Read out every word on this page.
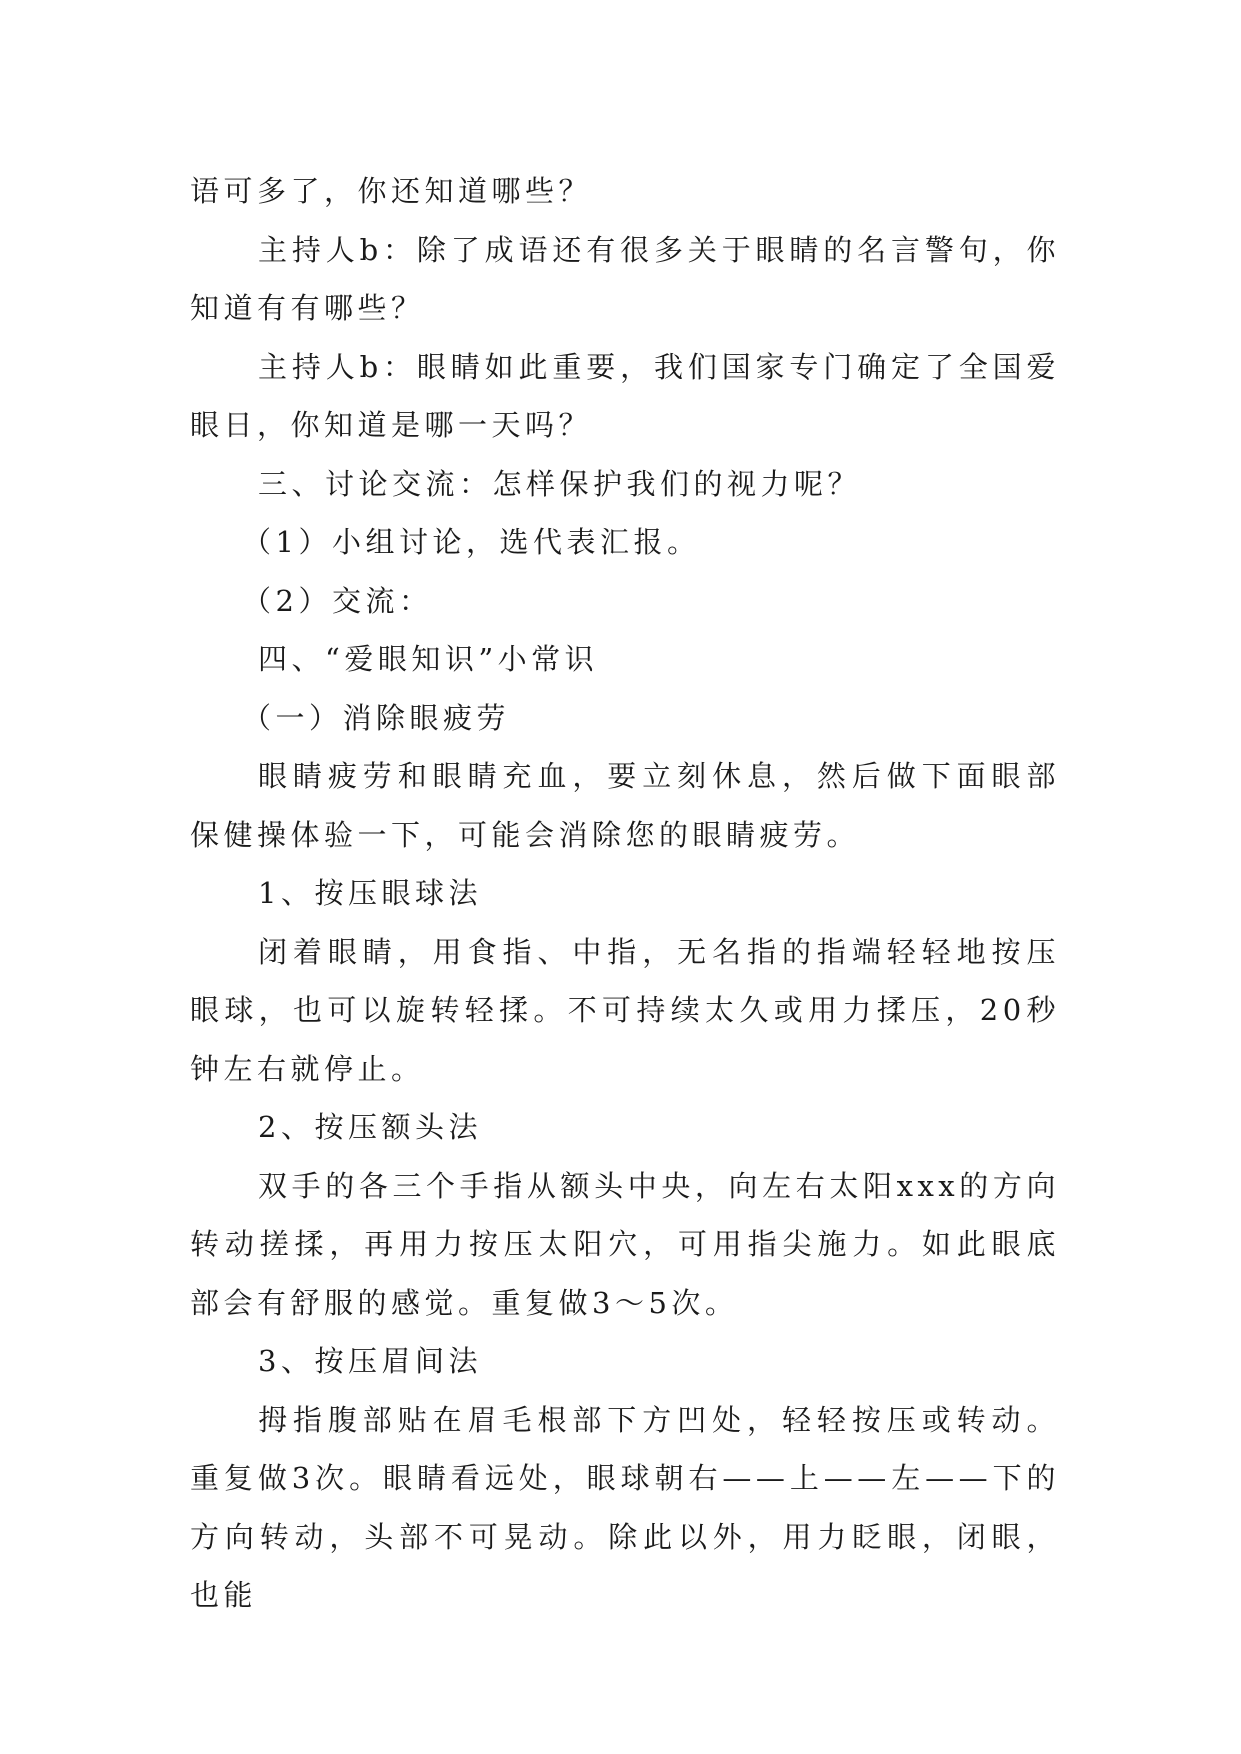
语可多了，你还知道哪些？

主持人b：除了成语还有很多关于眼睛的名言警句，你知道有有哪些？

主持人b：眼睛如此重要，我们国家专门确定了全国爱眼日，你知道是哪一天吗？

三、讨论交流：怎样保护我们的视力呢？

（1）小组讨论，选代表汇报。

（2）交流：

四、“爱眼知识”小常识

（一）消除眼疲劳

眼睛疲劳和眼睛充血，要立刻休息，然后做下面眼部保健操体验一下，可能会消除您的眼睛疲劳。

1、按压眼球法

闭着眼睛，用食指、中指，无名指的指端轻轻地按压眼球，也可以旋转轻揉。不可持续太久或用力揉压，20秒钟左右就停止。

2、按压额头法

双手的各三个手指从额头中央，向左右太阳xxx的方向转动搓揉，再用力按压太阳穴，可用指尖施力。如此眼底部会有舒服的感觉。重复做3～5次。

3、按压眉间法

拇指腹部贴在眉毛根部下方凹处，轻轻按压或转动。重复做3次。眼睛看远处，眼球朝右——上——左——下的方向转动，头部不可晃动。除此以外，用力眨眼，闭眼，也能
